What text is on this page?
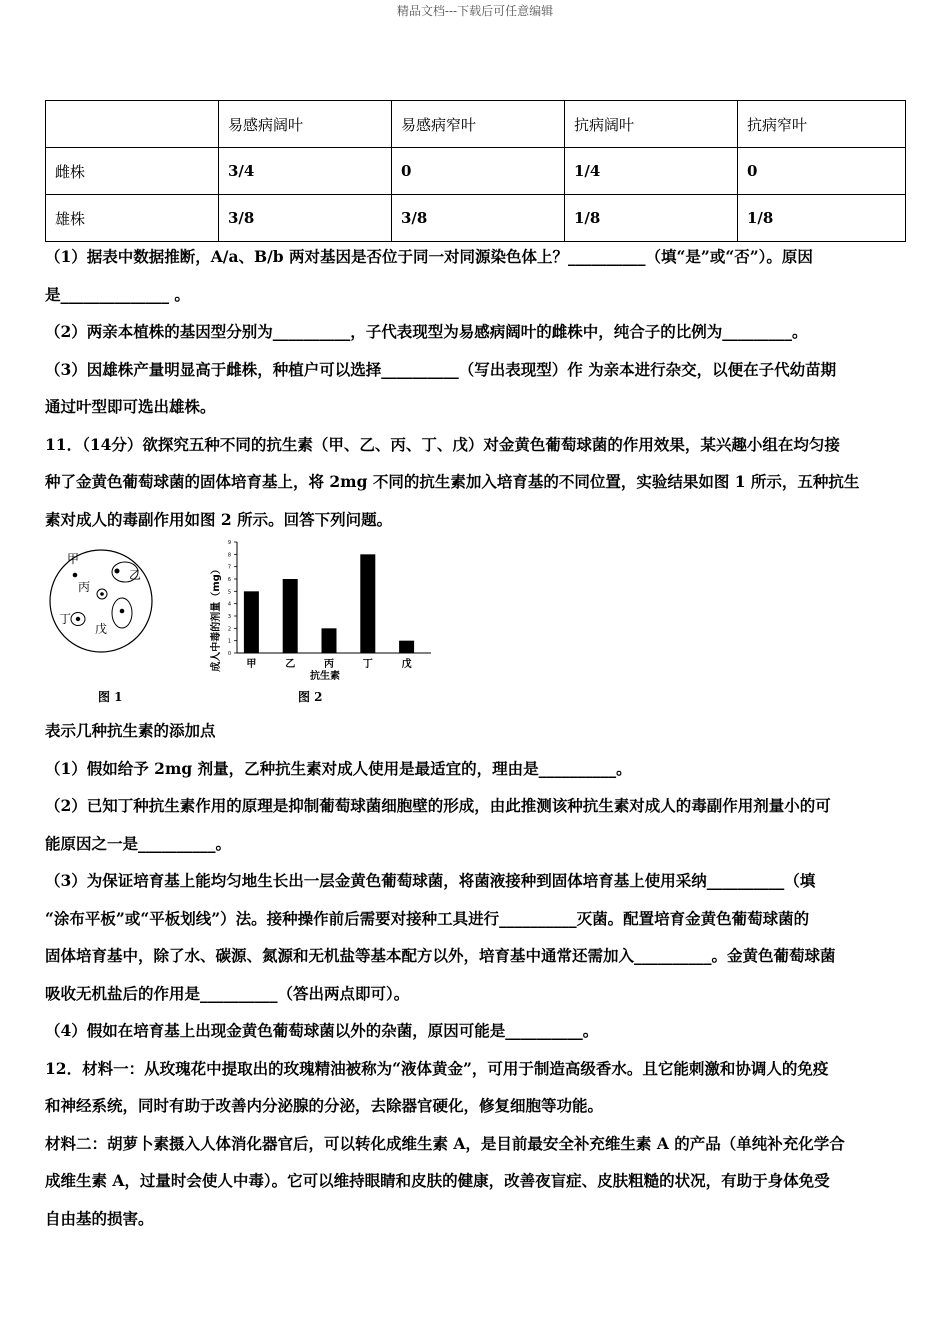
精品文档---下载后可任意编辑
	易感病阔叶	易感病窄叶	抗病阔叶	抗病窄叶
雌株	3/4	0	1/4	0
雄株	3/8	3/8	1/8	1/8
（1）据表中数据推断，A/a、B/b 两对基因是否位于同一对同源染色体上？__________（填“是”或“否”）。原因
是______________ 。
（2）两亲本植株的基因型分别为__________，子代表现型为易感病阔叶的雌株中，纯合子的比例为_________。
（3）因雄株产量明显高于雌株，种植户可以选择__________（写出表现型）作 为亲本进行杂交，以便在子代幼苗期
通过叶型即可选出雄株。
11．（14分）欲探究五种不同的抗生素（甲、乙、丙、丁、戊）对金黄色葡萄球菌的作用效果，某兴趣小组在均匀接
种了金黄色葡萄球菌的固体培育基上，将 2mg 不同的抗生素加入培育基的不同位置，实验结果如图 1 所示，五种抗生
素对成人的毒副作用如图 2 所示。回答下列问题。
甲
乙
丙
丁
戊
图 1
成人中毒的剂量（mg）
抗生素
0
1
2
3
4
5
6
7
8
9
甲	乙	丙	丁	戊
图 2
表示几种抗生素的添加点
（1）假如给予 2mg 剂量，乙种抗生素对成人使用是最适宜的，理由是__________。
（2）已知丁种抗生素作用的原理是抑制葡萄球菌细胞壁的形成，由此推测该种抗生素对成人的毒副作用剂量小的可
能原因之一是__________。
（3）为保证培育基上能均匀地生长出一层金黄色葡萄球菌，将菌液接种到固体培育基上使用采纳__________（填
“涂布平板”或“平板划线”）法。接种操作前后需要对接种工具进行__________灭菌。配置培育金黄色葡萄球菌的
固体培育基中，除了水、碳源、氮源和无机盐等基本配方以外，培育基中通常还需加入__________。金黄色葡萄球菌
吸收无机盐后的作用是__________（答出两点即可）。
（4）假如在培育基上出现金黄色葡萄球菌以外的杂菌，原因可能是__________。
12．材料一：从玫瑰花中提取出的玫瑰精油被称为“液体黄金”，可用于制造高级香水。且它能刺激和协调人的免疫
和神经系统，同时有助于改善内分泌腺的分泌，去除器官硬化，修复细胞等功能。
材料二：胡萝卜素摄入人体消化器官后，可以转化成维生素 A，是目前最安全补充维生素 A 的产品（单纯补充化学合
成维生素 A，过量时会使人中毒）。它可以维持眼睛和皮肤的健康，改善夜盲症、皮肤粗糙的状况，有助于身体免受
自由基的损害。
